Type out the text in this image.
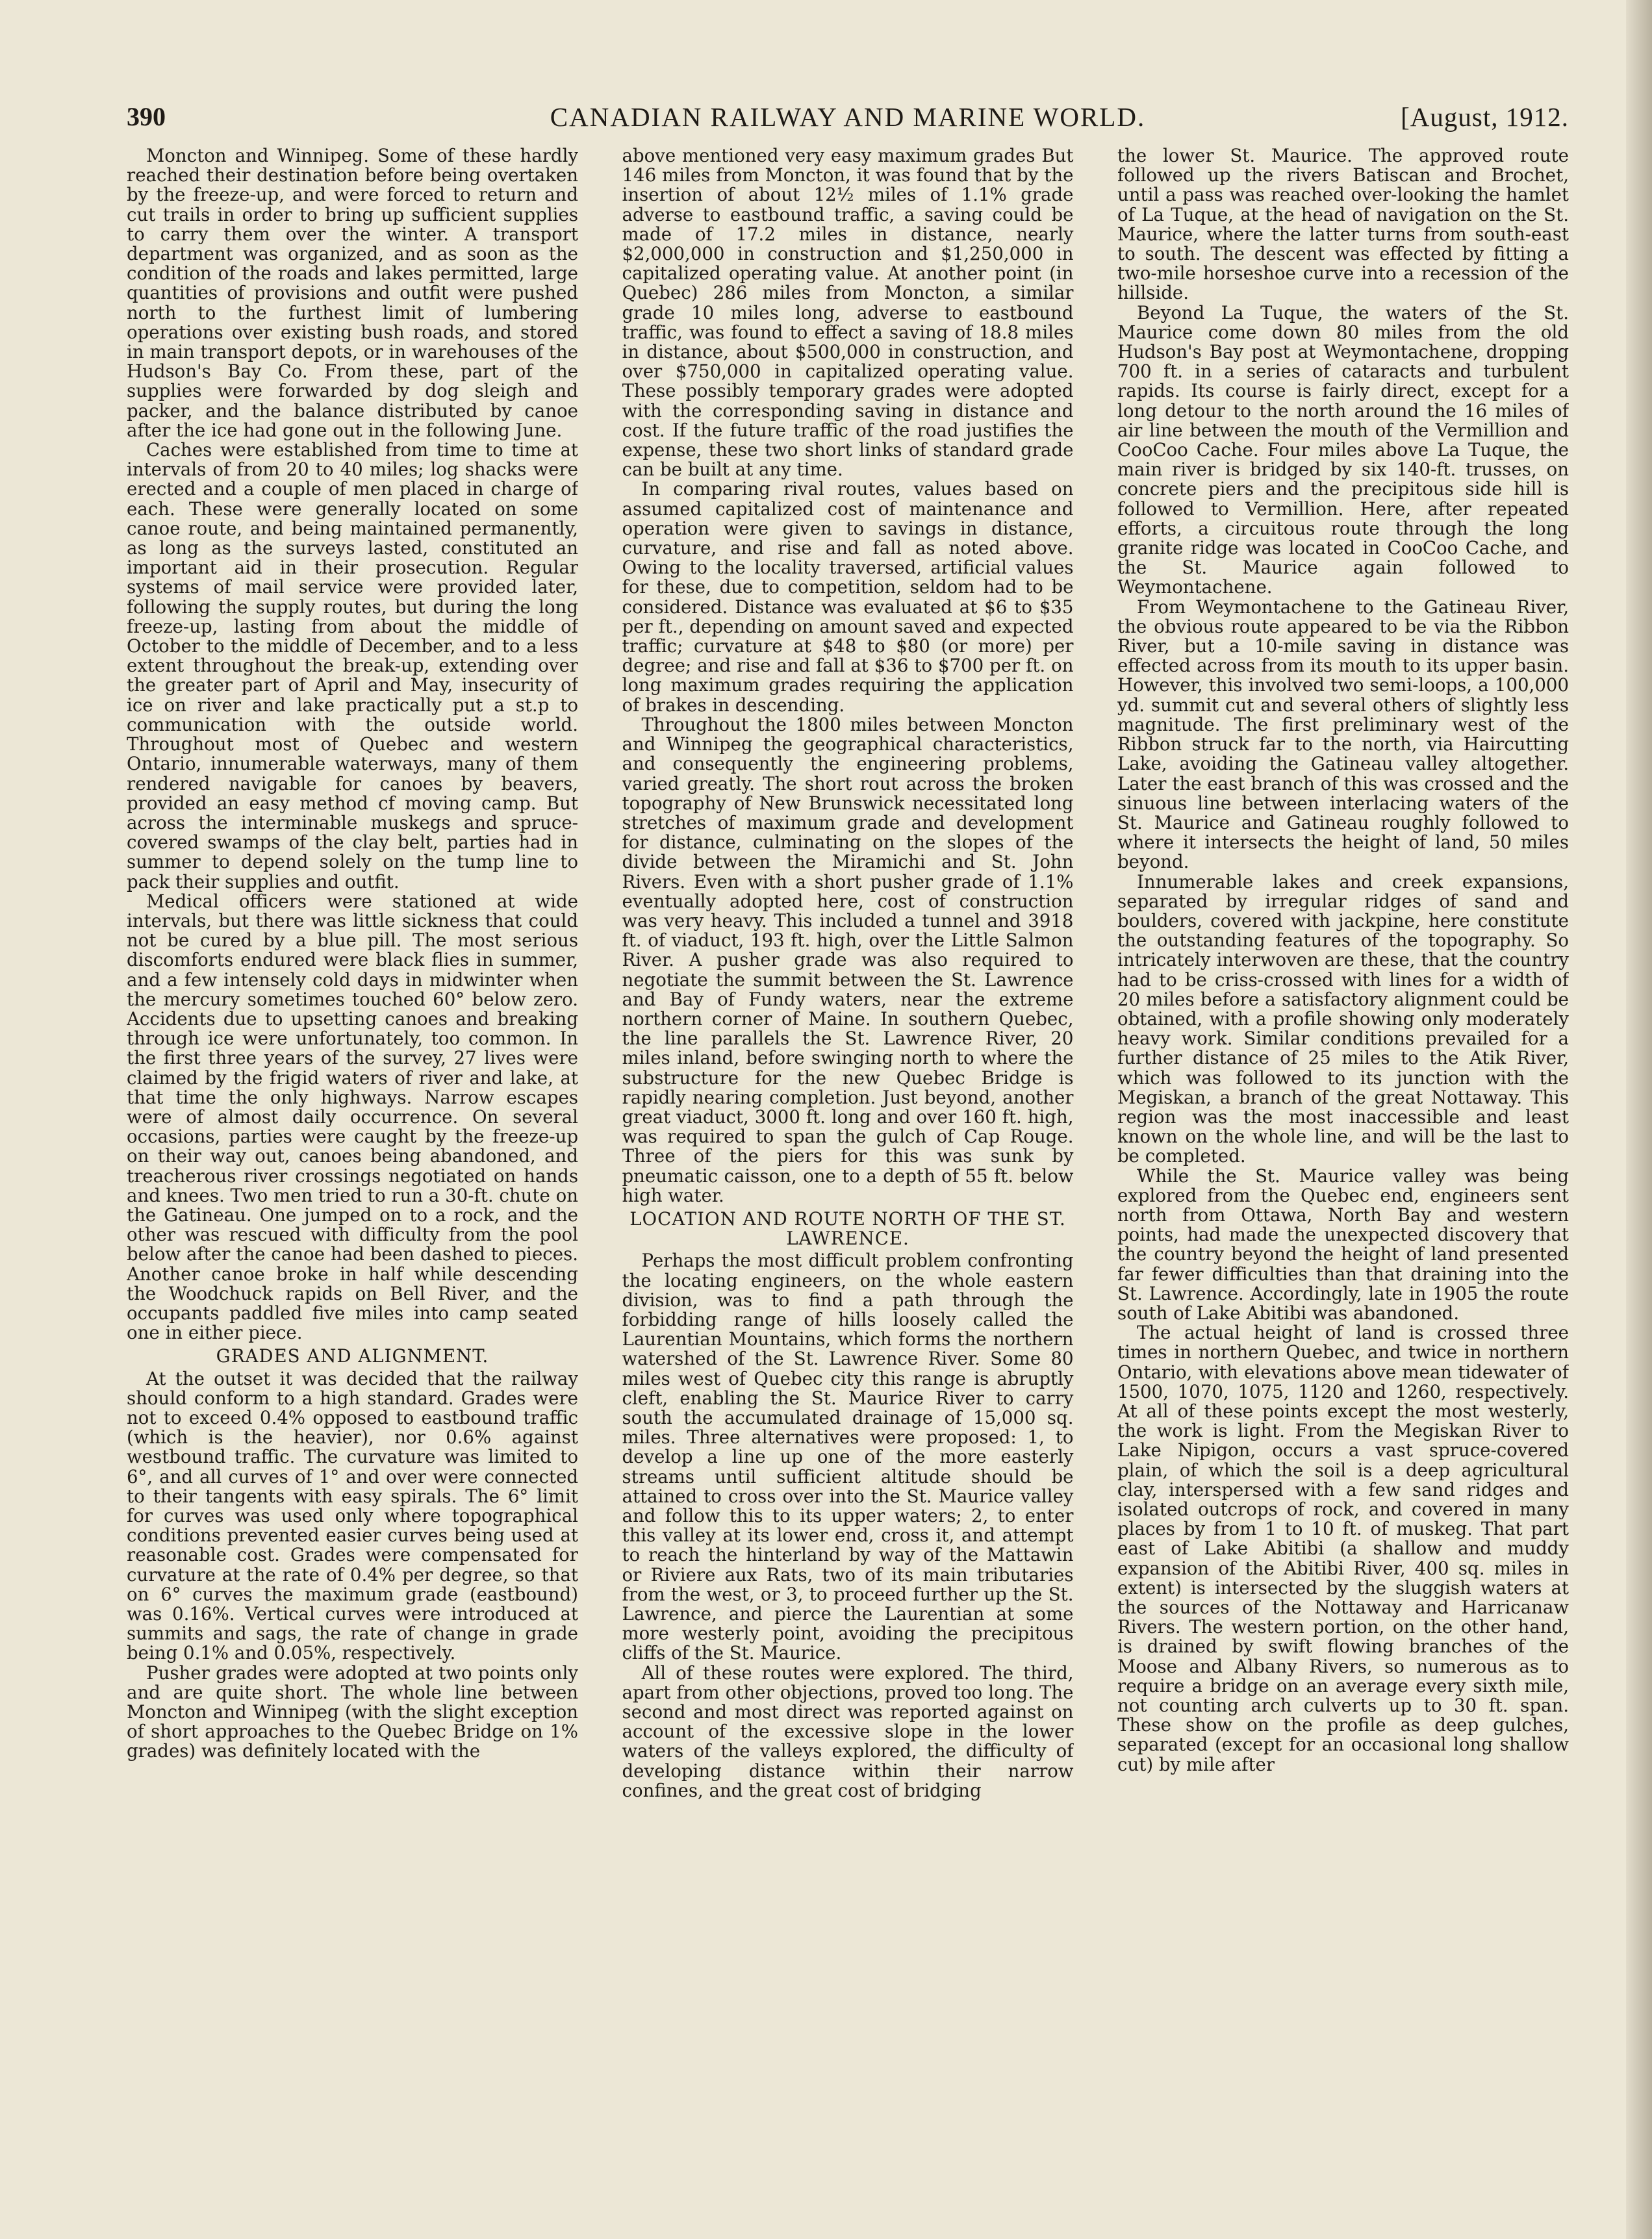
390	CANADIAN RAILWAY AND MARINE WORLD.	[August, 1912.

Moncton and Winnipeg. Some of these hardly reached their destination before being overtaken by the freeze-up, and were forced to return and cut trails in order to bring up sufficient supplies to carry them over the winter. A transport department was organized, and as soon as the condition of the roads and lakes permitted, large quantities of provisions and outfit were pushed north to the furthest limit of lumbering operations over existing bush roads, and stored in main transport depots, or in warehouses of the Hudson's Bay Co. From these, part of the supplies were forwarded by dog sleigh and packer, and the balance distributed by canoe after the ice had gone out in the following June.

Caches were established from time to time at intervals of from 20 to 40 miles; log shacks were erected and a couple of men placed in charge of each. These were generally located on some canoe route, and being maintained permanently, as long as the surveys lasted, constituted an important aid in their prosecution. Regular systems of mail service were provided later, following the supply routes, but during the long freeze-up, lasting from about the middle of October to the middle of December, and to a less extent throughout the break-up, extending over the greater part of April and May, insecurity of ice on river and lake practically put a st.p to communication with the outside world. Throughout most of Quebec and western Ontario, innumerable waterways, many of them rendered navigable for canoes by beavers, provided an easy method cf moving camp. But across the interminable muskegs and spruce-covered swamps of the clay belt, parties had in summer to depend solely on the tump line to pack their supplies and outfit.

Medical officers were stationed at wide intervals, but there was little sickness that could not be cured by a blue pill. The most serious discomforts endured were black flies in summer, and a few intensely cold days in midwinter when the mercury sometimes touched 60° below zero. Accidents due to upsetting canoes and breaking through ice were unfortunately, too common. In the first three years of the survey, 27 lives were claimed by the frigid waters of river and lake, at that time the only highways. Narrow escapes were of almost daily occurrence. On several occasions, parties were caught by the freeze-up on their way out, canoes being abandoned, and treacherous river crossings negotiated on hands and knees. Two men tried to run a 30-ft. chute on the Gatineau. One jumped on to a rock, and the other was rescued with difficulty from the pool below after the canoe had been dashed to pieces. Another canoe broke in half while descending the Woodchuck rapids on Bell River, and the occupants paddled five miles into camp seated one in either piece.

GRADES AND ALIGNMENT.

At the outset it was decided that the railway should conform to a high standard. Grades were not to exceed 0.4% opposed to eastbound traffic (which is the heavier), nor 0.6% against westbound traffic. The curvature was limited to 6°, and all curves of 1° and over were connected to their tangents with easy spirals. The 6° limit for curves was used only where topographical conditions prevented easier curves being used at reasonable cost. Grades were compensated for curvature at the rate of 0.4% per degree, so that on 6° curves the maximum grade (eastbound) was 0.16%. Vertical curves were introduced at summits and sags, the rate of change in grade being 0.1% and 0.05%, respectively.

Pusher grades were adopted at two points only and are quite short. The whole line between Moncton and Winnipeg (with the slight exception of short approaches to the Quebec Bridge on 1% grades) was definitely located with the

above mentioned very easy maximum grades But 146 miles from Moncton, it was found that by the insertion of about 12½ miles of 1.1% grade adverse to eastbound traffic, a saving could be made of 17.2 miles in distance, nearly $2,000,000 in construction and $1,250,000 in capitalized operating value. At another point (in Quebec) 286 miles from Moncton, a similar grade 10 miles long, adverse to eastbound traffic, was found to effect a saving of 18.8 miles in distance, about $500,000 in construction, and over $750,000 in capitalized operating value. These possibly temporary grades were adopted with the corresponding saving in distance and cost. If the future traffic of the road justifies the expense, these two short links of standard grade can be built at any time.

In comparing rival routes, values based on assumed capitalized cost of maintenance and operation were given to savings in distance, curvature, and rise and fall as noted above. Owing to the locality traversed, artificial values for these, due to competition, seldom had to be considered. Distance was evaluated at $6 to $35 per ft., depending on amount saved and expected traffic; curvature at $48 to $80 (or more) per degree; and rise and fall at $36 to $700 per ft. on long maximum grades requiring the application of brakes in descending.

Throughout the 1800 miles between Moncton and Winnipeg the geographical characteristics, and consequently the engineering problems, varied greatly. The short rout across the broken topography of New Brunswick necessitated long stretches of maximum grade and development for distance, culminating on the slopes of the divide between the Miramichi and St. John Rivers. Even with a short pusher grade of 1.1% eventually adopted here, cost of construction was very heavy. This included a tunnel and 3918 ft. of viaduct, 193 ft. high, over the Little Salmon River. A pusher grade was also required to negotiate the summit between the St. Lawrence and Bay of Fundy waters, near the extreme northern corner of Maine. In southern Quebec, the line parallels the St. Lawrence River, 20 miles inland, before swinging north to where the substructure for the new Quebec Bridge is rapidly nearing completion. Just beyond, another great viaduct, 3000 ft. long and over 160 ft. high, was required to span the gulch of Cap Rouge. Three of the piers for this was sunk by pneumatic caisson, one to a depth of 55 ft. below high water.

LOCATION AND ROUTE NORTH OF THE ST. LAWRENCE.

Perhaps the most difficult problem confronting the locating engineers, on the whole eastern division, was to find a path through the forbidding range of hills loosely called the Laurentian Mountains, which forms the northern watershed of the St. Lawrence River. Some 80 miles west of Quebec city this range is abruptly cleft, enabling the St. Maurice River to carry south the accumulated drainage of 15,000 sq. miles. Three alternatives were proposed: 1, to develop a line up one of the more easterly streams until sufficient altitude should be attained to cross over into the St. Maurice valley and follow this to its upper waters; 2, to enter this valley at its lower end, cross it, and attempt to reach the hinterland by way of the Mattawin or Riviere aux Rats, two of its main tributaries from the west, or 3, to proceed further up the St. Lawrence, and pierce the Laurentian at some more westerly point, avoiding the precipitous cliffs of the St. Maurice.

All of these routes were explored. The third, apart from other objections, proved too long. The second and most direct was reported against on account of the excessive slope in the lower waters of the valleys explored, the difficulty of developing distance within their narrow confines, and the great cost of bridging

the lower St. Maurice. The approved route followed up the rivers Batiscan and Brochet, until a pass was reached over-looking the hamlet of La Tuque, at the head of navigation on the St. Maurice, where the latter turns from south-east to south. The descent was effected by fitting a two-mile horseshoe curve into a recession of the hillside.

Beyond La Tuque, the waters of the St. Maurice come down 80 miles from the old Hudson's Bay post at Weymontachene, dropping 700 ft. in a series of cataracts and turbulent rapids. Its course is fairly direct, except for a long detour to the north around the 16 miles of air line between the mouth of the Vermillion and CooCoo Cache. Four miles above La Tuque, the main river is bridged by six 140-ft. trusses, on concrete piers and the precipitous side hill is followed to Vermillion. Here, after repeated efforts, a circuitous route through the long granite ridge was located in CooCoo Cache, and the St. Maurice again followed to Weymontachene.

From Weymontachene to the Gatineau River, the obvious route appeared to be via the Ribbon River, but a 10-mile saving in distance was effected across from its mouth to its upper basin. However, this involved two semi-loops, a 100,000 yd. summit cut and several others of slightly less magnitude. The first preliminary west of the Ribbon struck far to the north, via Haircutting Lake, avoiding the Gatineau valley altogether. Later the east branch of this was crossed and the sinuous line between interlacing waters of the St. Maurice and Gatineau roughly followed to where it intersects the height of land, 50 miles beyond.

Innumerable lakes and creek expansions, separated by irregular ridges of sand and boulders, covered with jackpine, here constitute the outstanding features of the topography. So intricately interwoven are these, that the country had to be criss-crossed with lines for a width of 20 miles before a satisfactory alignment could be obtained, with a profile showing only moderately heavy work. Similar conditions prevailed for a further distance of 25 miles to the Atik River, which was followed to its junction with the Megiskan, a branch of the great Nottaway. This region was the most inaccessible and least known on the whole line, and will be the last to be completed.

While the St. Maurice valley was being explored from the Quebec end, engineers sent north from Ottawa, North Bay and western points, had made the unexpected discovery that the country beyond the height of land presented far fewer difficulties than that draining into the St. Lawrence. Accordingly, late in 1905 the route south of Lake Abitibi was abandoned.

The actual height of land is crossed three times in northern Quebec, and twice in northern Ontario, with elevations above mean tidewater of 1500, 1070, 1075, 1120 and 1260, respectively. At all of these points except the most westerly, the work is light. From the Megiskan River to Lake Nipigon, occurs a vast spruce-covered plain, of which the soil is a deep agricultural clay, interspersed with a few sand ridges and isolated outcrops of rock, and covered in many places by from 1 to 10 ft. of muskeg. That part east of Lake Abitibi (a shallow and muddy expansion of the Abitibi River, 400 sq. miles in extent) is intersected by the sluggish waters at the sources of the Nottaway and Harricanaw Rivers. The western portion, on the other hand, is drained by swift flowing branches of the Moose and Albany Rivers, so numerous as to require a bridge on an average every sixth mile, not counting arch culverts up to 30 ft. span. These show on the profile as deep gulches, separated (except for an occasional long shallow cut) by mile after
